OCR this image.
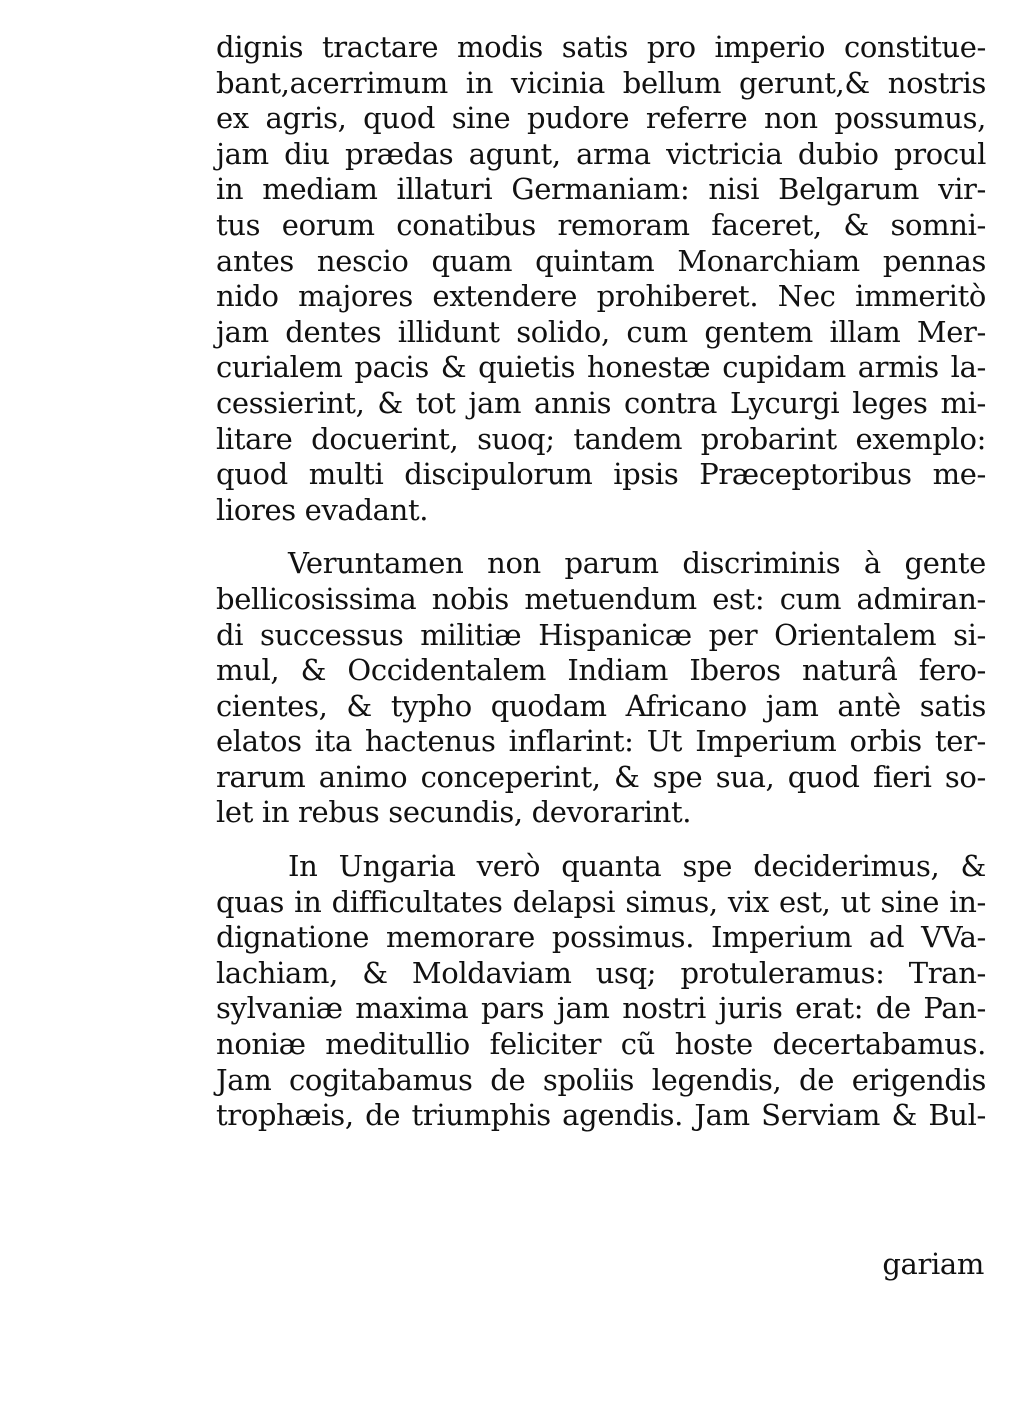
dignis tractare modis satis pro imperio constitue-
bant,acerrimum in vicinia bellum gerunt,& nostris
ex agris, quod sine pudore referre non possumus,
jam diu prædas agunt, arma victricia dubio procul
in mediam illaturi Germaniam: nisi Belgarum vir-
tus eorum conatibus remoram faceret, & somni-
antes nescio quam quintam Monarchiam pennas
nido majores extendere prohiberet. Nec immeritò
jam dentes illidunt solido, cum gentem illam Mer-
curialem pacis & quietis honestæ cupidam armis la-
cessierint, & tot jam annis contra Lycurgi leges mi-
litare docuerint, suoq; tandem probarint exemplo:
quod multi discipulorum ipsis Præceptoribus me-
liores evadant.

Veruntamen non parum discriminis à gente
bellicosissima nobis metuendum est: cum admiran-
di successus militiæ Hispanicæ per Orientalem si-
mul, & Occidentalem Indiam Iberos naturâ fero-
cientes, & typho quodam Africano jam antè satis
elatos ita hactenus inflarint: Ut Imperium orbis ter-
rarum animo conceperint, & spe sua, quod fieri so-
let in rebus secundis, devorarint.

In Ungaria verò quanta spe deciderimus, &
quas in difficultates delapsi simus, vix est, ut sine in-
dignatione memorare possimus. Imperium ad VVa-
lachiam, & Moldaviam usq; protuleramus: Tran-
sylvaniæ maxima pars jam nostri juris erat: de Pan-
noniæ meditullio feliciter cũ hoste decertabamus.
Jam cogitabamus de spoliis legendis, de erigendis
trophæis, de triumphis agendis. Jam Serviam & Bul-

gariam
